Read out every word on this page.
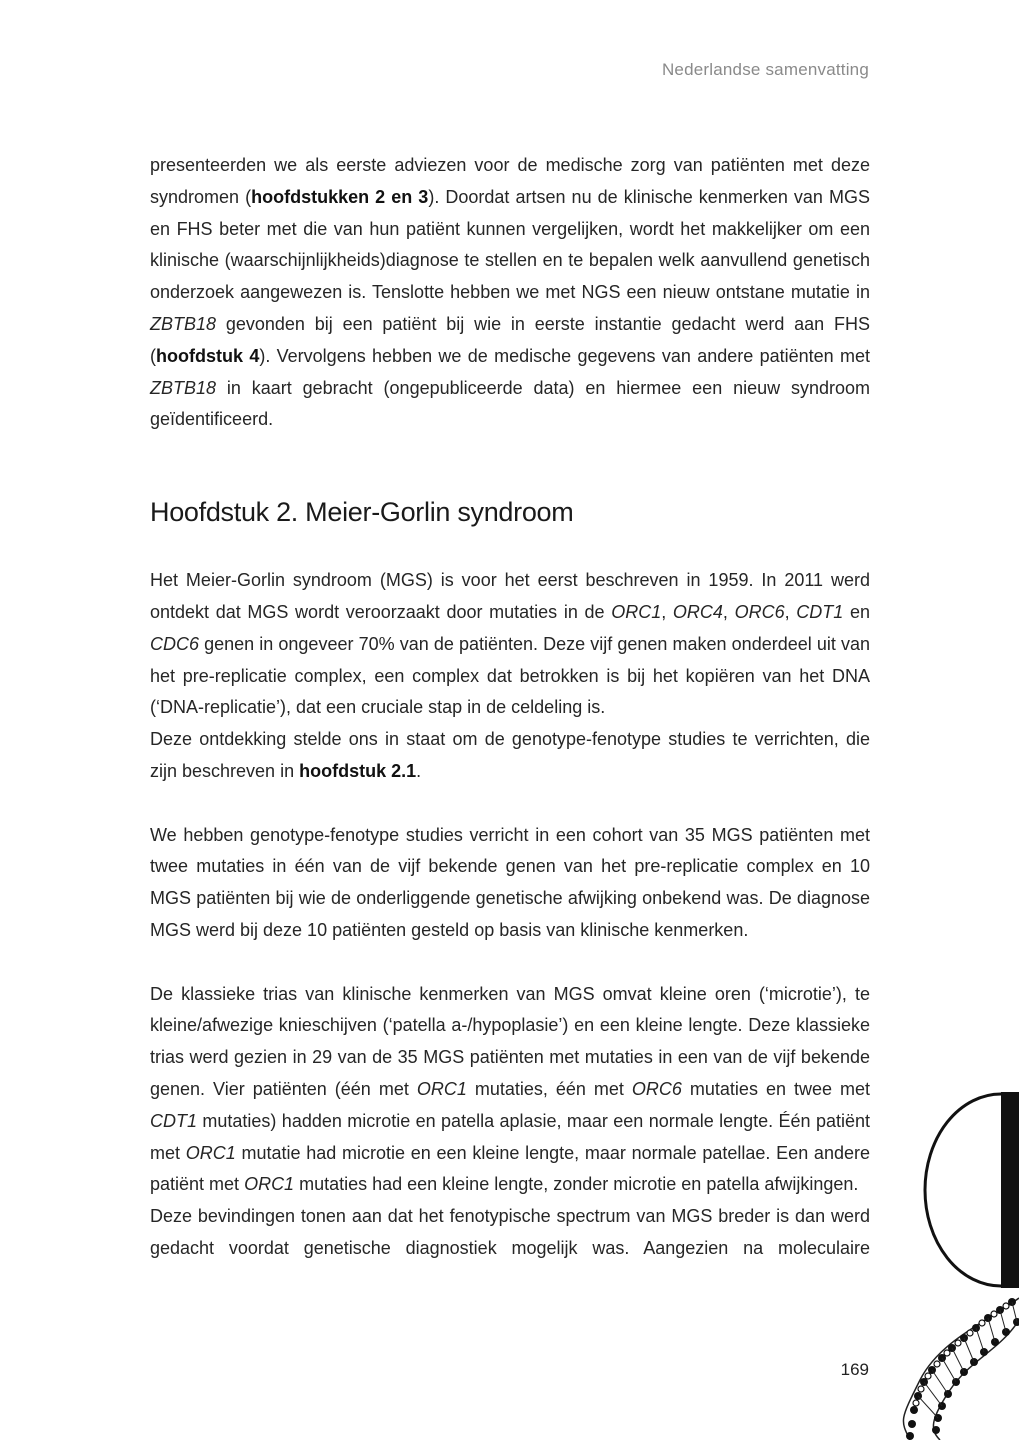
Nederlandse samenvatting

presenteerden we als eerste adviezen voor de medische zorg van patiënten met deze syndromen (hoofdstukken 2 en 3). Doordat artsen nu de klinische kenmerken van MGS en FHS beter met die van hun patiënt kunnen vergelijken, wordt het makkelijker om een klinische (waarschijnlijkheids)diagnose te stellen en te bepalen welk aanvullend genetisch onderzoek aangewezen is. Tenslotte hebben we met NGS een nieuw ontstane mutatie in ZBTB18 gevonden bij een patiënt bij wie in eerste instantie gedacht werd aan FHS (hoofdstuk 4). Vervolgens hebben we de medische gegevens van andere patiënten met ZBTB18 in kaart gebracht (ongepubliceerde data) en hiermee een nieuw syndroom geïdentificeerd.

Hoofdstuk 2. Meier-Gorlin syndroom

Het Meier-Gorlin syndroom (MGS) is voor het eerst beschreven in 1959. In 2011 werd ontdekt dat MGS wordt veroorzaakt door mutaties in de ORC1, ORC4, ORC6, CDT1 en CDC6 genen in ongeveer 70% van de patiënten. Deze vijf genen maken onderdeel uit van het pre-replicatie complex, een complex dat betrokken is bij het kopiëren van het DNA (‘DNA-replicatie’), dat een cruciale stap in de celdeling is.

Deze ontdekking stelde ons in staat om de genotype-fenotype studies te verrichten, die zijn beschreven in hoofdstuk 2.1.

We hebben genotype-fenotype studies verricht in een cohort van 35 MGS patiënten met twee mutaties in één van de vijf bekende genen van het pre-replicatie complex en 10 MGS patiënten bij wie de onderliggende genetische afwijking onbekend was. De diagnose MGS werd bij deze 10 patiënten gesteld op basis van klinische kenmerken.

De klassieke trias van klinische kenmerken van MGS omvat kleine oren (‘microtie’), te kleine/afwezige knieschijven (‘patella a-/hypoplasie’) en een kleine lengte. Deze klassieke trias werd gezien in 29 van de 35 MGS patiënten met mutaties in een van de vijf bekende genen. Vier patiënten (één met ORC1 mutaties, één met ORC6 mutaties en twee met CDT1 mutaties) hadden microtie en patella aplasie, maar een normale lengte. Één patiënt met ORC1 mutatie had microtie en een kleine lengte, maar normale patellae. Een andere patiënt met ORC1 mutaties had een kleine lengte, zonder microtie en patella afwijkingen.

Deze bevindingen tonen aan dat het fenotypische spectrum van MGS breder is dan werd gedacht voordat genetische diagnostiek mogelijk was. Aangezien na moleculaire

169
